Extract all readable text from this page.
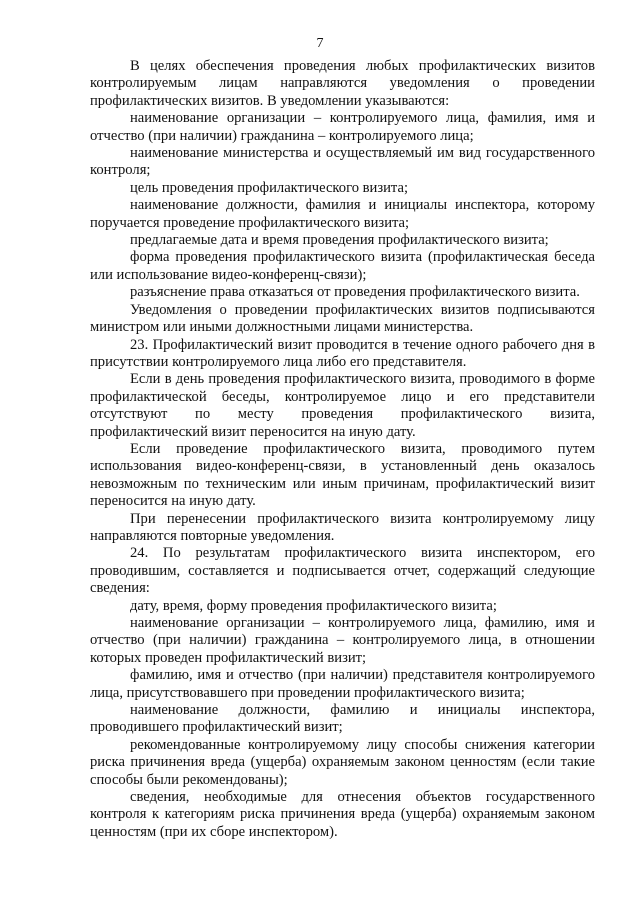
7

В целях обеспечения проведения любых профилактических визитов контролируемым лицам направляются уведомления о проведении профилактических визитов. В уведомлении указываются:

наименование организации – контролируемого лица, фамилия, имя и отчество (при наличии) гражданина – контролируемого лица;

наименование министерства и осуществляемый им вид государственного контроля;

цель проведения профилактического визита;

наименование должности, фамилия и инициалы инспектора, которому поручается проведение профилактического визита;

предлагаемые дата и время проведения профилактического визита;

форма проведения профилактического визита (профилактическая беседа или использование видео-конференц-связи);

разъяснение права отказаться от проведения профилактического визита.

Уведомления о проведении профилактических визитов подписываются министром или иными должностными лицами министерства.

23. Профилактический визит проводится в течение одного рабочего дня в присутствии контролируемого лица либо его представителя.

Если в день проведения профилактического визита, проводимого в форме профилактической беседы, контролируемое лицо и его представители отсутствуют по месту проведения профилактического визита, профилактический визит переносится на иную дату.

Если проведение профилактического визита, проводимого путем использования видео-конференц-связи, в установленный день оказалось невозможным по техническим или иным причинам, профилактический визит переносится на иную дату.

При перенесении профилактического визита контролируемому лицу направляются повторные уведомления.

24. По результатам профилактического визита инспектором, его проводившим, составляется и подписывается отчет, содержащий следующие сведения:

дату, время, форму проведения профилактического визита;

наименование организации – контролируемого лица, фамилию, имя и отчество (при наличии) гражданина – контролируемого лица, в отношении которых проведен профилактический визит;

фамилию, имя и отчество (при наличии) представителя контролируемого лица, присутствовавшего при проведении профилактического визита;

наименование должности, фамилию и инициалы инспектора, проводившего профилактический визит;

рекомендованные контролируемому лицу способы снижения категории риска причинения вреда (ущерба) охраняемым законом ценностям (если такие способы были рекомендованы);

сведения, необходимые для отнесения объектов государственного контроля к категориям риска причинения вреда (ущерба) охраняемым законом ценностям (при их сборе инспектором).
